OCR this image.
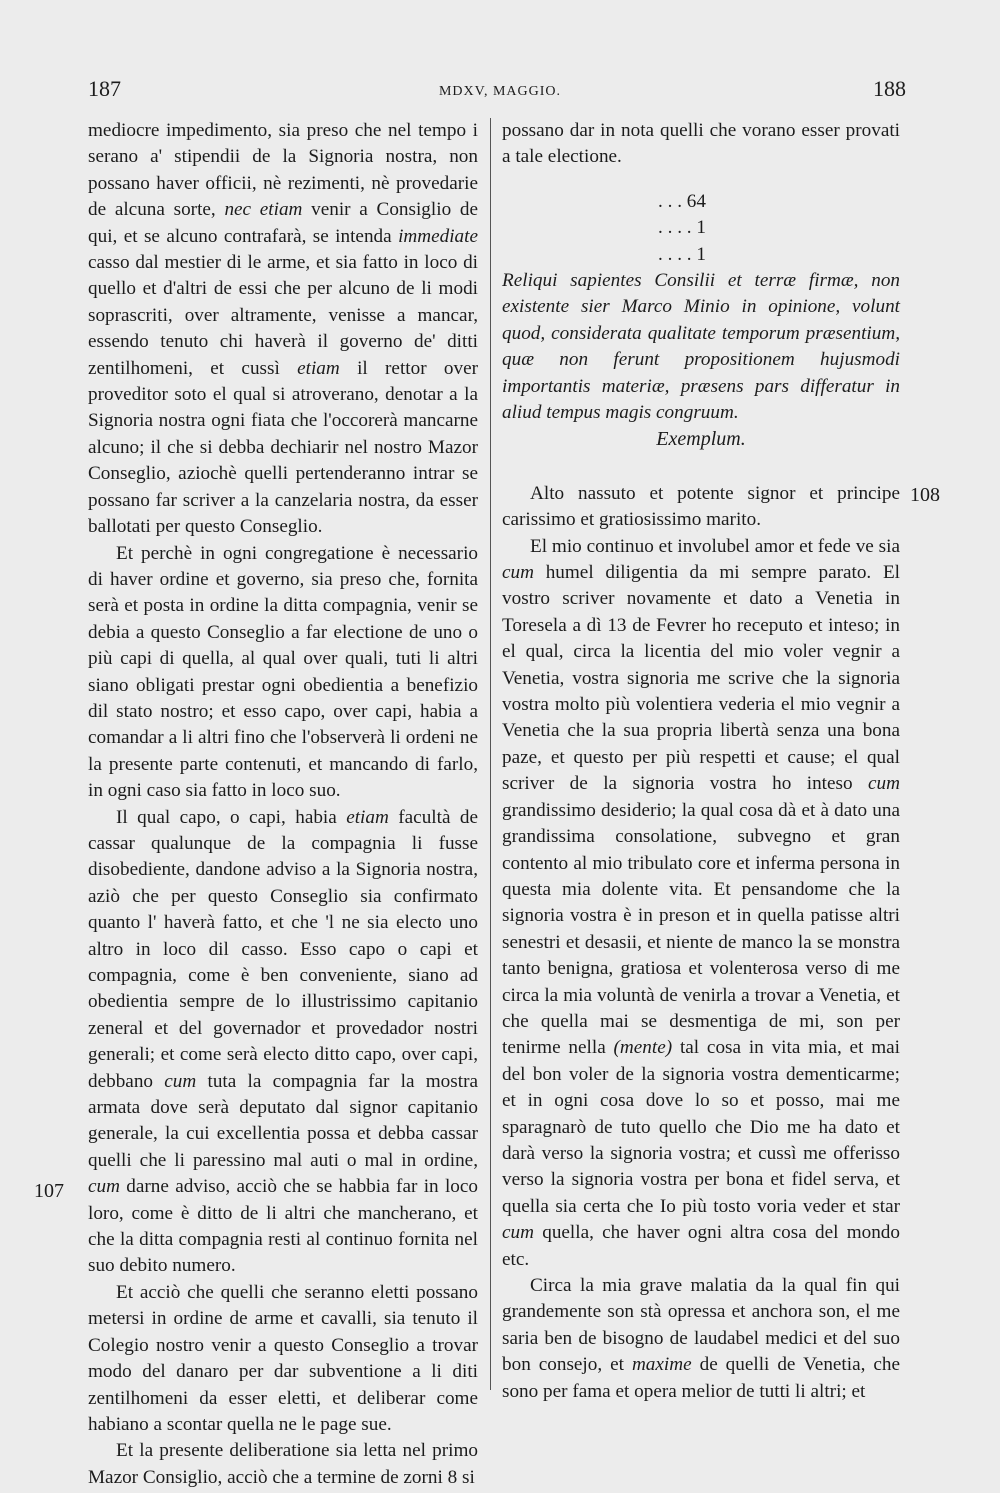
187	MDXV, MAGGIO.	188
107
108

mediocre impedimento, sia preso che nel tempo i serano a' stipendii de la Signoria nostra, non possano haver officii, nè rezimenti, nè provedarie de alcuna sorte, nec etiam venir a Consiglio de qui, et se alcuno contrafarà, se intenda immediate casso dal mestier di le arme, et sia fatto in loco di quello et d'altri de essi che per alcuno de li modi soprascriti, over altramente, venisse a mancar, essendo tenuto chi haverà il governo de' ditti zentilhomeni, et cussì etiam il rettor over proveditor soto el qual si atroverano, denotar a la Signoria nostra ogni fiata che l'occorerà mancarne alcuno; il che si debba dechiarir nel nostro Mazor Conseglio, aziochè quelli pertenderanno intrar se possano far scriver a la canzelaria nostra, da esser ballotati per questo Conseglio.

Et perchè in ogni congregatione è necessario di haver ordine et governo, sia preso che, fornita serà et posta in ordine la ditta compagnia, venir se debia a questo Conseglio a far electione de uno o più capi di quella, al qual over quali, tuti li altri siano obligati prestar ogni obedientia a benefizio dil stato nostro; et esso capo, over capi, habia a comandar a li altri fino che l'observerà li ordeni ne la presente parte contenuti, et mancando di farlo, in ogni caso sia fatto in loco suo.

Il qual capo, o capi, habia etiam facultà de cassar qualunque de la compagnia li fusse disobediente, dandone adviso a la Signoria nostra, aziò che per questo Conseglio sia confirmato quanto l' haverà fatto, et che 'l ne sia electo uno altro in loco dil casso. Esso capo o capi et compagnia, come è ben conveniente, siano ad obedientia sempre de lo illustrissimo capitanio zeneral et del governador et provedador nostri generali; et come serà electo ditto capo, over capi, debbano cum tuta la compagnia far la mostra armata dove serà deputato dal signor capitanio generale, la cui excellentia possa et debba cassar quelli che li paressino mal auti o mal in ordine, cum darne adviso, acciò che se habbia far in loco loro, come è ditto de li altri che mancherano, et che la ditta compagnia resti al continuo fornita nel suo debito numero.

Et acciò che quelli che seranno eletti possano metersi in ordine de arme et cavalli, sia tenuto il Colegio nostro venir a questo Conseglio a trovar modo del danaro per dar subventione a li diti zentilhomeni da esser eletti, et deliberar come habiano a scontar quella ne le page sue.

Et la presente deliberatione sia letta nel primo Mazor Consiglio, acciò che a termine de zorni 8 si

possano dar in nota quelli che vorano esser provati a tale electione.

. . . 64
. . . . 1
. . . . 1

Reliqui sapientes Consilii et terræ firmæ, non existente sier Marco Minio in opinione, volunt quod, considerata qualitate temporum præsentium, quæ non ferunt propositionem hujusmodi importantis materiæ, præsens pars differatur in aliud tempus magis congruum.

Exemplum.

Alto nassuto et potente signor et principe carissimo et gratiosissimo marito.

El mio continuo et involubel amor et fede ve sia cum humel diligentia da mi sempre parato. El vostro scriver novamente et dato a Venetia in Toresela a dì 13 de Fevrer ho receputo et inteso; in el qual, circa la licentia del mio voler vegnir a Venetia, vostra signoria me scrive che la signoria vostra molto più volentiera vederia el mio vegnir a Venetia che la sua propria libertà senza una bona paze, et questo per più respetti et cause; el qual scriver de la signoria vostra ho inteso cum grandissimo desiderio; la qual cosa dà et à dato una grandissima consolatione, subvegno et gran contento al mio tribulato core et inferma persona in questa mia dolente vita. Et pensandome che la signoria vostra è in preson et in quella patisse altri senestri et desasii, et niente de manco la se monstra tanto benigna, gratiosa et volenterosa verso di me circa la mia voluntà de venirla a trovar a Venetia, et che quella mai se desmentiga de mi, son per tenirme nella (mente) tal cosa in vita mia, et mai del bon voler de la signoria vostra dementicarme; et in ogni cosa dove lo so et posso, mai me sparagnarò de tuto quello che Dio me ha dato et darà verso la signoria vostra; et cussì me offerisso verso la signoria vostra per bona et fidel serva, et quella sia certa che Io più tosto voria veder et star cum quella, che haver ogni altra cosa del mondo etc.

Circa la mia grave malatia da la qual fin qui grandemente son stà opressa et anchora son, el me saria ben de bisogno de laudabel medici et del suo bon consejo, et maxime de quelli de Venetia, che sono per fama et opera melior de tutti li altri; et
